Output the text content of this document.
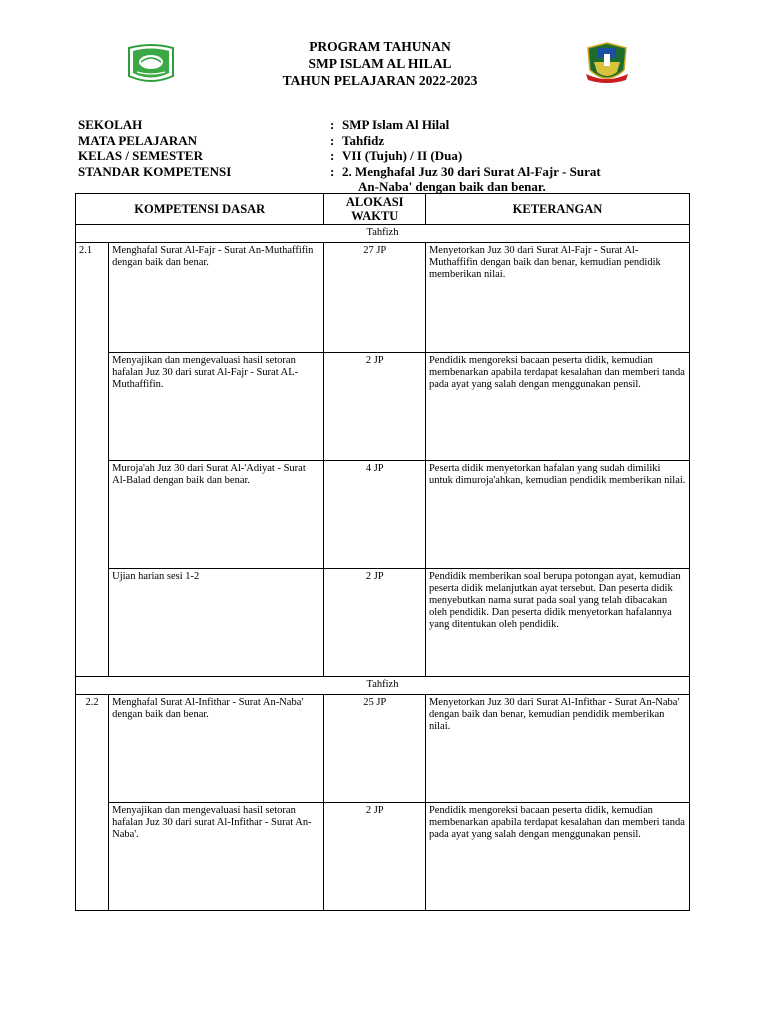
PROGRAM TAHUNAN
SMP ISLAM AL HILAL
TAHUN PELAJARAN 2022-2023
SEKOLAH	: SMP Islam Al Hilal
MATA PELAJARAN	: Tahfidz
KELAS / SEMESTER	: VII (Tujuh) / II (Dua)
STANDAR KOMPETENSI	: 2. Menghafal Juz 30 dari Surat Al-Fajr - Surat
An-Naba' dengan baik dan benar.
KOMPETENSI DASAR		ALOKASI WAKTU	KETERANGAN
Tahfizh			
2.1	Menghafal Surat Al-Fajr - Surat An-Muthaffifin dengan baik dan benar.	27 JP	Menyetorkan Juz 30 dari Surat Al-Fajr - Surat Al-Muthaffifin dengan baik dan benar, kemudian pendidik memberikan nilai.
	Menyajikan dan mengevaluasi hasil setoran hafalan Juz 30 dari surat Al-Fajr - Surat AL-Muthaffifin.	2 JP	Pendidik mengoreksi bacaan peserta didik, kemudian membenarkan apabila terdapat kesalahan dan memberi tanda pada ayat yang salah dengan menggunakan pensil.
	Muroja'ah Juz 30 dari Surat Al-'Adiyat - Surat Al-Balad dengan baik dan benar.	4 JP	Peserta didik menyetorkan hafalan yang sudah dimiliki untuk dimuroja'ahkan, kemudian pendidik memberikan nilai.
	Ujian harian sesi 1-2	2 JP	Pendidik memberikan soal berupa potongan ayat, kemudian peserta didik melanjutkan ayat tersebut. Dan peserta didik menyebutkan nama surat pada soal yang telah dibacakan oleh pendidik. Dan peserta didik menyetorkan hafalannya yang ditentukan oleh pendidik.
Tahfizh			
2.2	Menghafal Surat Al-Infithar - Surat An-Naba' dengan baik dan benar.	25 JP	Menyetorkan Juz 30 dari Surat Al-Infithar - Surat An-Naba' dengan baik dan benar, kemudian pendidik memberikan nilai.
	Menyajikan dan mengevaluasi hasil setoran hafalan Juz 30 dari surat Al-Infithar - Surat An-Naba'.	2 JP	Pendidik mengoreksi bacaan peserta didik, kemudian membenarkan apabila terdapat kesalahan dan memberi tanda pada ayat yang salah dengan menggunakan pensil.
